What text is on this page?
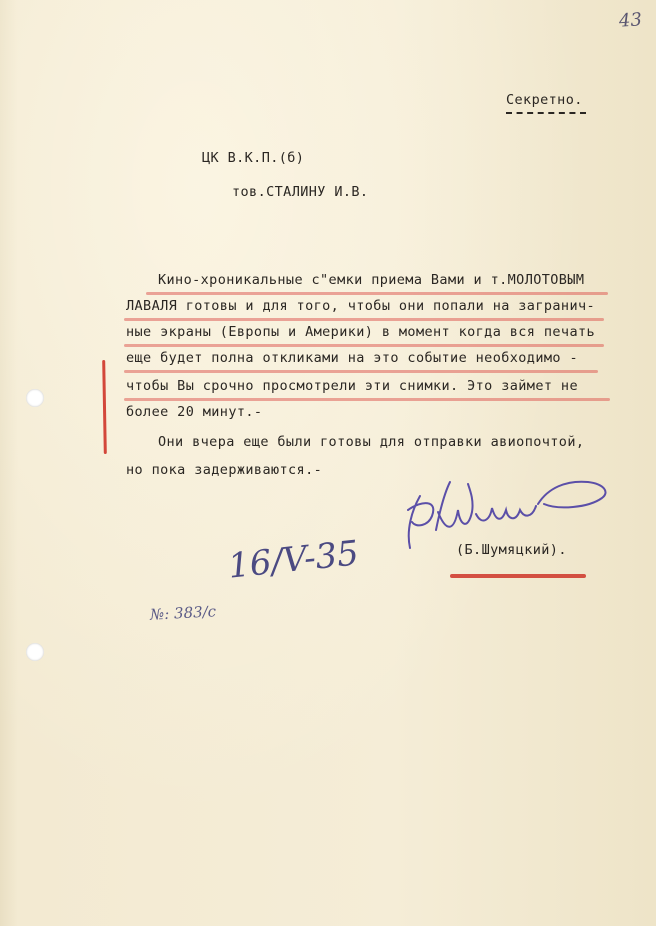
43
Секретно.
ЦК В.К.П.(б)
тов.СТАЛИНУ И.В.
Кино-хроникальные с"емки приема Вами и т.МОЛОТОВЫМ
ЛАВАЛЯ готовы и для того, чтобы они попали на загранич-
ные экраны (Европы и Америки) в момент когда вся печать
еще будет полна откликами на это событие необходимо -
чтобы Вы срочно просмотрели эти снимки. Это займет не
более 20 минут.-
Они вчера еще были готовы для отправки авиопочтой,
но пока задерживаются.-
(Б.Шумяцкий).
16/V-35
№: 383/с
